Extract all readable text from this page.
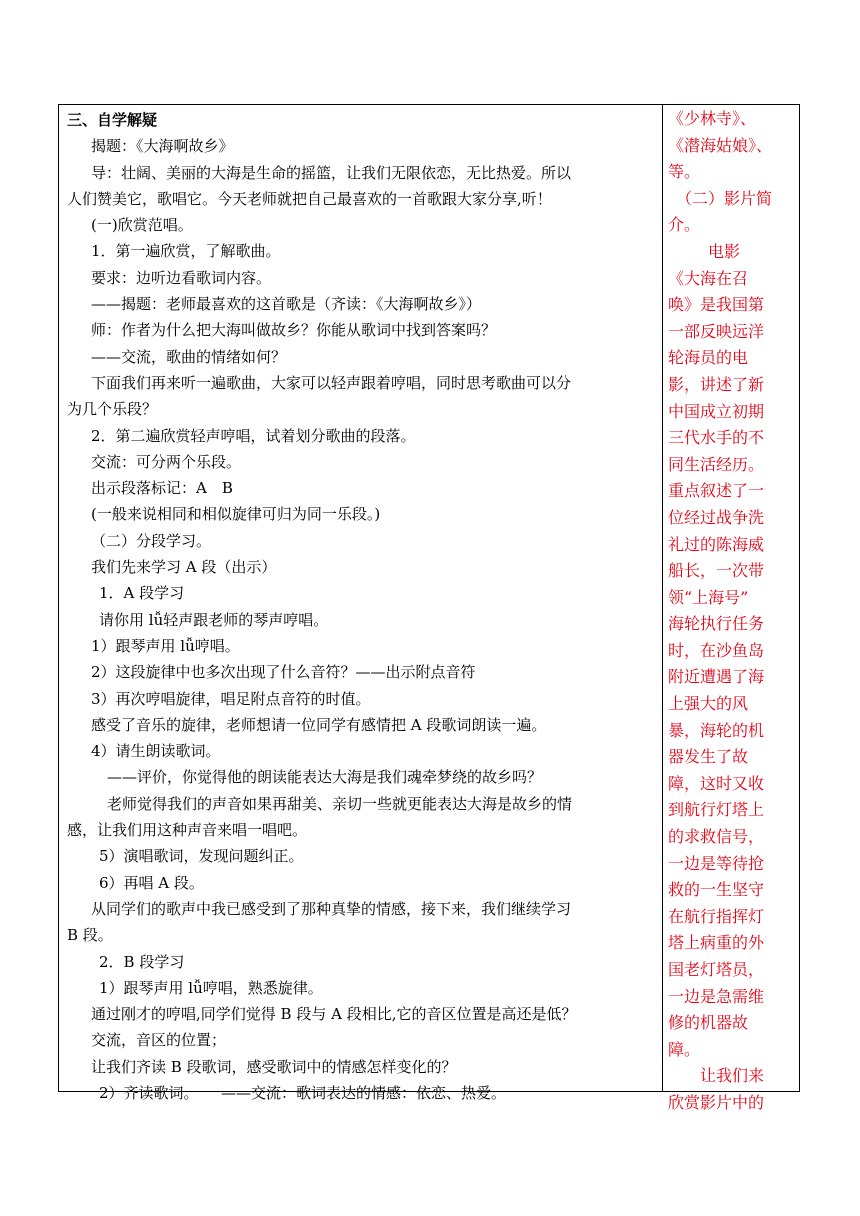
三、自学解疑

揭题：《大海啊故乡》

导：壮阔、美丽的大海是生命的摇篮，让我们无限依恋，无比热爱。所以

人们赞美它，歌唱它。今天老师就把自己最喜欢的一首歌跟大家分享,听！

(一)欣赏范唱。

1．第一遍欣赏，了解歌曲。

要求：边听边看歌词内容。

——揭题：老师最喜欢的这首歌是（齐读：《大海啊故乡》）

师：作者为什么把大海叫做故乡？你能从歌词中找到答案吗？

——交流，歌曲的情绪如何？

下面我们再来听一遍歌曲，大家可以轻声跟着哼唱，同时思考歌曲可以分

为几个乐段？

2．第二遍欣赏轻声哼唱，试着划分歌曲的段落。

交流：可分两个乐段。

出示段落标记：A　B

(一般来说相同和相似旋律可归为同一乐段。)

（二）分段学习。

我们先来学习 A 段（出示）

1．A 段学习

请你用 lǚ轻声跟老师的琴声哼唱。

1）跟琴声用 lǚ哼唱。

2）这段旋律中也多次出现了什么音符？——出示附点音符

3）再次哼唱旋律，唱足附点音符的时值。

感受了音乐的旋律，老师想请一位同学有感情把 A 段歌词朗读一遍。

4）请生朗读歌词。

——评价，你觉得他的朗读能表达大海是我们魂牵梦绕的故乡吗？

老师觉得我们的声音如果再甜美、亲切一些就更能表达大海是故乡的情

感，让我们用这种声音来唱一唱吧。

5）演唱歌词，发现问题纠正。

6）再唱 A 段。

从同学们的歌声中我已感受到了那种真挚的情感，接下来，我们继续学习

B 段。

2．B 段学习

1）跟琴声用 lǚ哼唱，熟悉旋律。

通过刚才的哼唱,同学们觉得 B 段与 A 段相比,它的音区位置是高还是低？

交流，音区的位置；

让我们齐读 B 段歌词，感受歌词中的情感怎样变化的？

2）齐读歌词。　　——交流：歌词表达的情感：依恋、热爱。

《少林寺》、

《潜海姑娘》、

等。

（二）影片简

介。

电影

《大海在召

唤》是我国第

一部反映远洋

轮海员的电

影，讲述了新

中国成立初期

三代水手的不

同生活经历。

重点叙述了一

位经过战争洗

礼过的陈海威

船长，一次带

领“上海号”

海轮执行任务

时，在沙鱼岛

附近遭遇了海

上强大的风

暴，海轮的机

器发生了故

障，这时又收

到航行灯塔上

的求救信号，

一边是等待抢

救的一生坚守

在航行指挥灯

塔上病重的外

国老灯塔员，

一边是急需维

修的机器故

障。

让我们来

欣赏影片中的
